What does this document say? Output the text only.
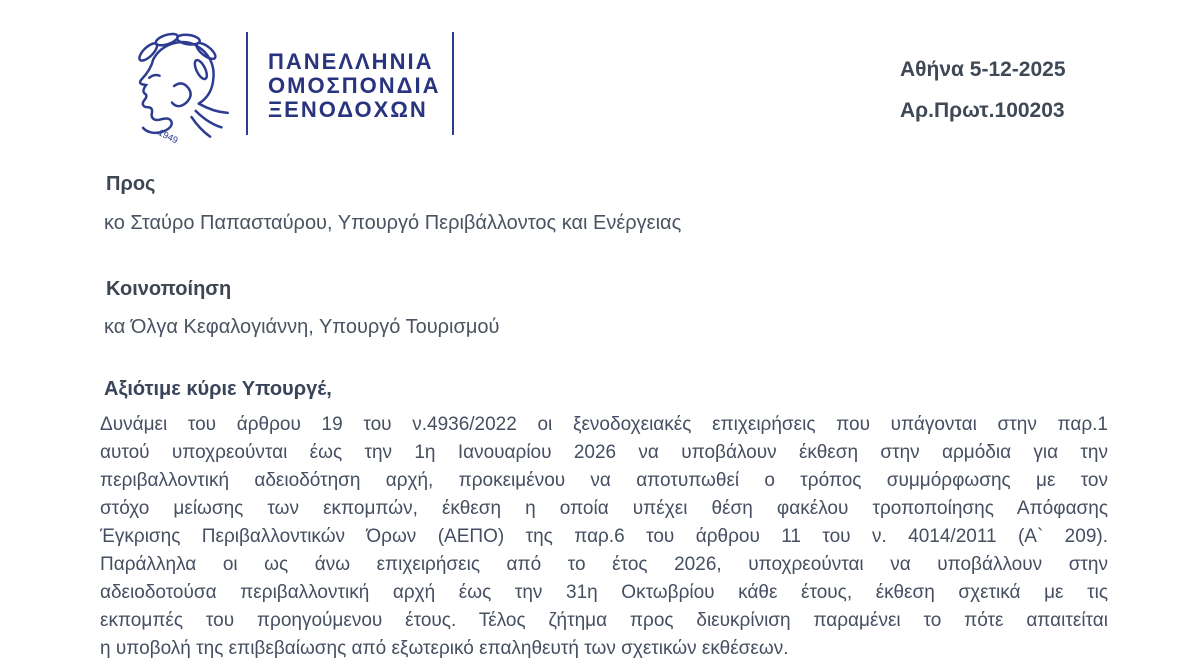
1949
ΠΑΝΕΛΛΗΝΙΑ
ΟΜΟΣΠΟΝΔΙΑ
ΞΕΝΟΔΟΧΩΝ
Αθήνα 5-12-2025
Αρ.Πρωτ.100203
Προς
κο Σταύρο Παπασταύρου, Υπουργό Περιβάλλοντος και Ενέργειας
Κοινοποίηση
κα Όλγα Κεφαλογιάννη, Υπουργό Τουρισμού
Αξιότιμε κύριε Υπουργέ,
Δυνάμει του άρθρου 19 του ν.4936/2022 οι ξενοδοχειακές επιχειρήσεις που υπάγονται στην παρ.1
αυτού υποχρεούνται έως την 1η Ιανουαρίου 2026 να υποβάλουν έκθεση στην αρμόδια για την
περιβαλλοντική αδειοδότηση αρχή, προκειμένου να αποτυπωθεί ο τρόπος συμμόρφωσης με τον
στόχο μείωσης των εκπομπών, έκθεση η οποία υπέχει θέση φακέλου τροποποίησης Απόφασης
Έγκρισης Περιβαλλοντικών Όρων (ΑΕΠΟ) της παρ.6 του άρθρου 11 του ν. 4014/2011 (Α` 209).
Παράλληλα οι ως άνω επιχειρήσεις από το έτος 2026, υποχρεούνται να υποβάλλουν στην
αδειοδοτούσα περιβαλλοντική αρχή έως την 31η Οκτωβρίου κάθε έτους, έκθεση σχετικά με τις
εκπομπές του προηγούμενου έτους. Τέλος ζήτημα προς διευκρίνιση παραμένει το πότε απαιτείται
η υποβολή της επιβεβαίωσης από εξωτερικό επαληθευτή των σχετικών εκθέσεων.
